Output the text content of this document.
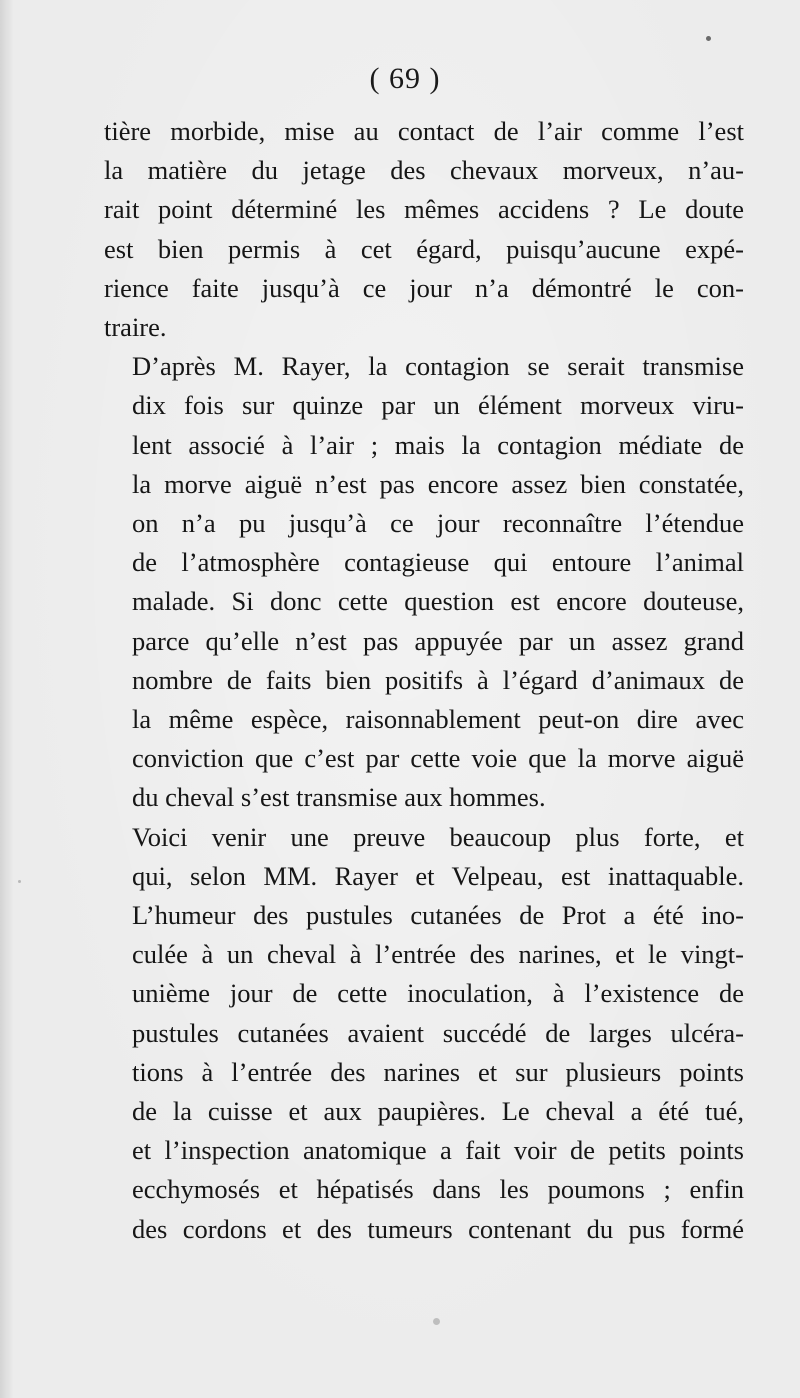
( 69 )

tière morbide, mise au contact de l’air comme l’est
la matière du jetage des chevaux morveux, n’au-
rait point déterminé les mêmes accidens ? Le doute
est bien permis à cet égard, puisqu’aucune expé-
rience faite jusqu’à ce jour n’a démontré le con-
traire.

D’après M. Rayer, la contagion se serait transmise
dix fois sur quinze par un élément morveux viru-
lent associé à l’air ; mais la contagion médiate de
la morve aiguë n’est pas encore assez bien constatée,
on n’a pu jusqu’à ce jour reconnaître l’étendue
de l’atmosphère contagieuse qui entoure l’animal
malade. Si donc cette question est encore douteuse,
parce qu’elle n’est pas appuyée par un assez grand
nombre de faits bien positifs à l’égard d’animaux de
la même espèce, raisonnablement peut-on dire avec
conviction que c’est par cette voie que la morve aiguë
du cheval s’est transmise aux hommes.

Voici venir une preuve beaucoup plus forte, et
qui, selon MM. Rayer et Velpeau, est inattaquable.
L’humeur des pustules cutanées de Prot a été ino-
culée à un cheval à l’entrée des narines, et le vingt-
unième jour de cette inoculation, à l’existence de
pustules cutanées avaient succédé de larges ulcéra-
tions à l’entrée des narines et sur plusieurs points
de la cuisse et aux paupières. Le cheval a été tué,
et l’inspection anatomique a fait voir de petits points
ecchymosés et hépatisés dans les poumons ; enfin
des cordons et des tumeurs contenant du pus formé
